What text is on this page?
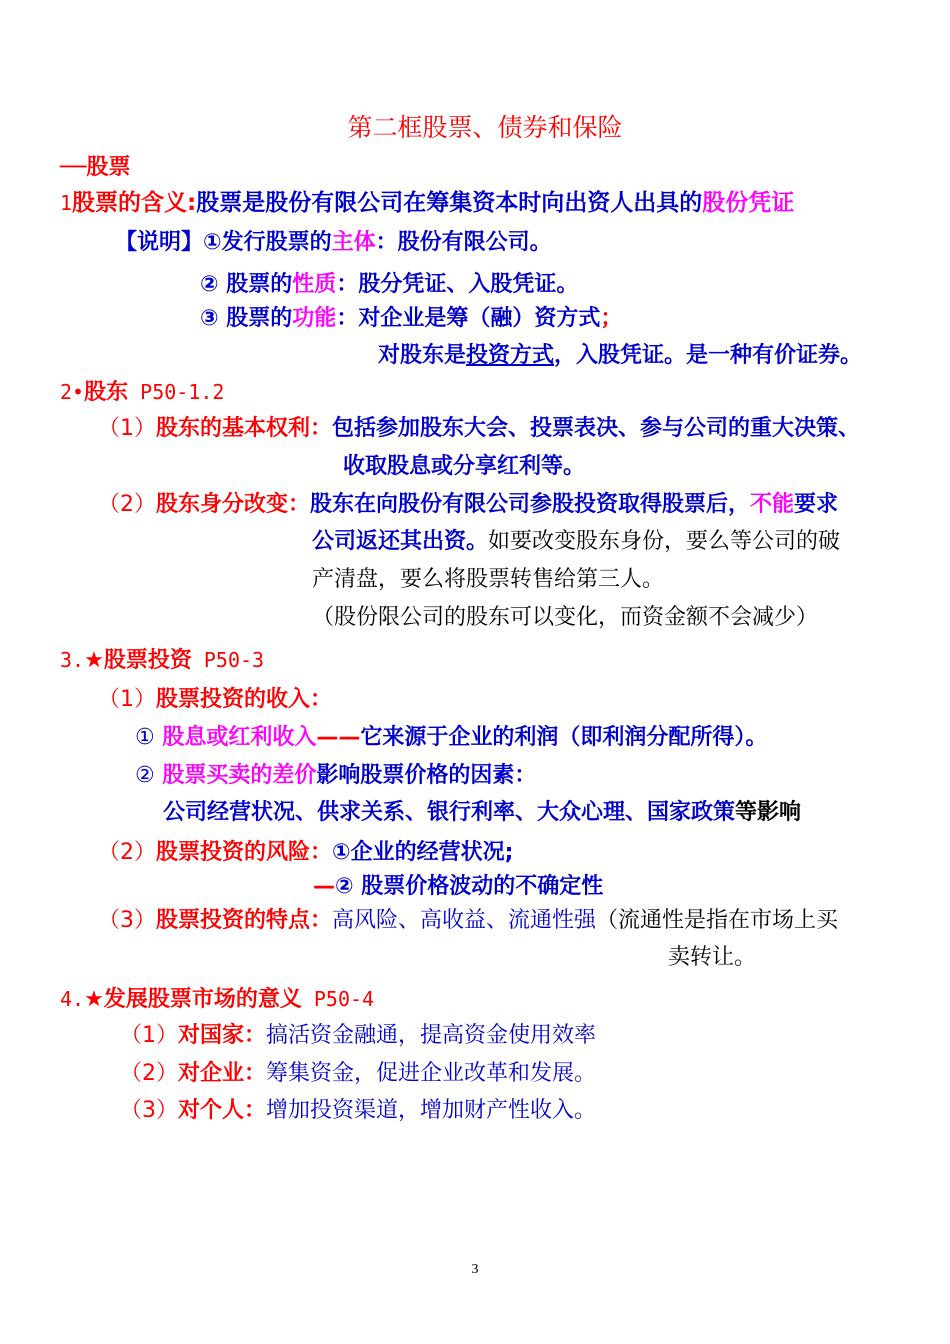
第二框股票、债券和保险
──股票
1股票的含义:股票是股份有限公司在筹集资本时向出资人出具的股份凭证
【说明】①发行股票的主体：股份有限公司。
② 股票的性质：股分凭证、入股凭证。
③ 股票的功能：对企业是筹（融）资方式；
对股东是投资方式，入股凭证。是一种有价证券。
2•股东 P50-1.2
（1）股东的基本权利：包括参加股东大会、投票表决、参与公司的重大决策、
收取股息或分享红利等。
（2）股东身分改变：股东在向股份有限公司参股投资取得股票后，不能要求
公司返还其出资。如要改变股东身份，要么等公司的破
产清盘，要么将股票转售给第三人。
（股份限公司的股东可以变化，而资金额不会减少）
3.★股票投资 P50-3
（1）股票投资的收入：
① 股息或红利收入——它来源于企业的利润（即利润分配所得）。
② 股票买卖的差价影响股票价格的因素：
公司经营状况、供求关系、银行利率、大众心理、国家政策等影响
（2）股票投资的风险：①企业的经营状况;
—② 股票价格波动的不确定性
（3）股票投资的特点：高风险、高收益、流通性强（流通性是指在市场上买
卖转让。
4.★发展股票市场的意义 P50-4
（1）对国家：搞活资金融通，提高资金使用效率
（2）对企业：筹集资金，促进企业改革和发展。
（3）对个人：增加投资渠道，增加财产性收入。
3
